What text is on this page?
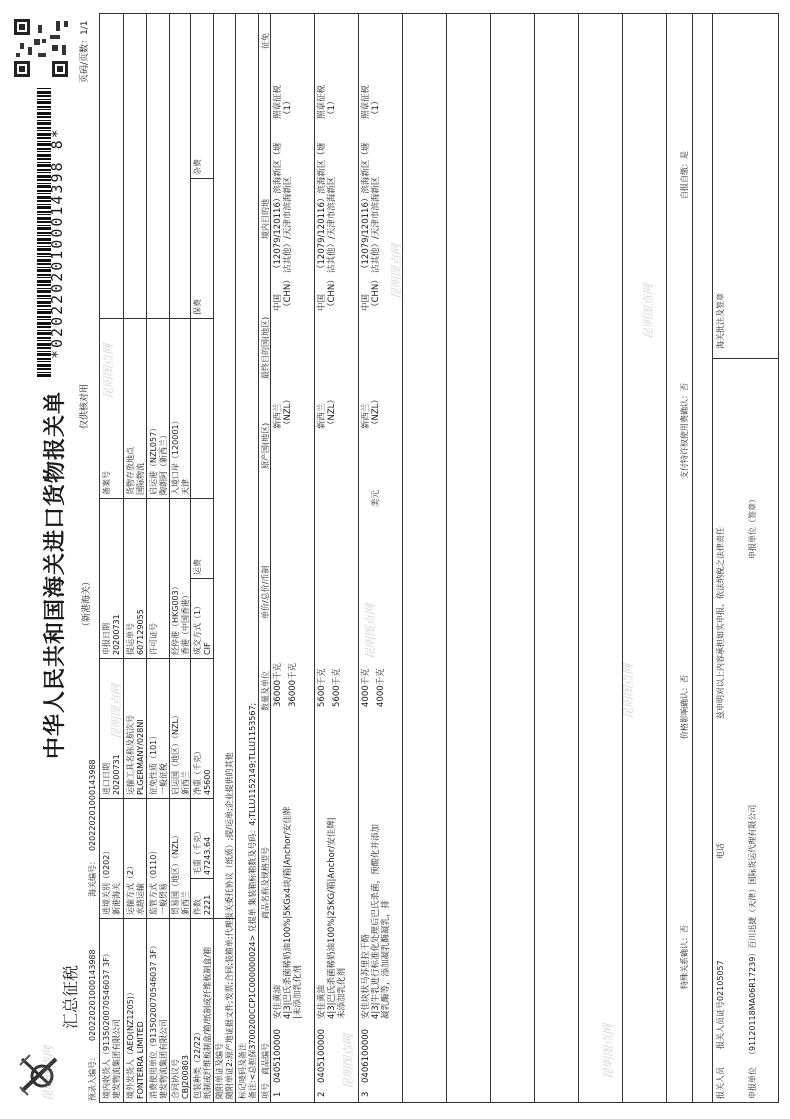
*02022020100014398 8*
中华人民共和国海关进口货物报关单 （新港海关）
仅供核对用
页码/页数：1/1
汇总征税
预录入编号：
020220201000143988
海关编号：
020220201000143988
境内收货人（9135020070546037 3F） 建发物流集团有限公司
进境关别（0202） 新港海关
进口日期 20200731
申报日期 20200731
备案号
境外发货人（AEO(NZ1205)） FONTERRA LIMITED
运输方式（2） 水路运输
运输工具名称及航次号 PLGERMANY/028NI
提运单号 607129055
货物存放地点 国际物流
消费使用单位（9135020070546037 3F） 建发物流集团有限公司
监管方式（0110） 一般贸易
征免性质（101） 一般征税
许可证号
启运港（NZL057） 陶朗阿（新西兰）
合同协议号 CBJ200803
贸易国（地区）（NZL） 新西兰
启运国（地区）（NZL） 新西兰
经停港（HKG003） 香港（中国香港）
入境口岸（120001） 天津
包装种类（22/22） 纸制或纤维板制盒/箱/纸制或纤维板制盒/箱
件数 2221
毛重（千克） 47243.64
净重（千克） 45600
成交方式（1） CIF
运费
保费
杂费
随附单证及编号 随附单证2:原产地证据文件;发票;合同;装箱单;代理报关委托协议（纸质）;提/运单;企业提供的其他 标记唛码及备注 备注:<总担保3700200CCP1C000000024> 兑提单 集装箱标箱数及号码：4;TLLU1152149;TLLU1153567; 项号
商品编号
商品名称及规格型号
数量及单位
单价/总价/币制
原产国(地区)
最终目的国(地区)
境内目的地
征免
1
0405100000
安佳黄油 4|3|巴氏杀菌稀奶油100%|5KGx4块/箱|Anchor/安佳牌 |未添加乳化剂
36000千克 36000千克
新西兰 （NZL）
中国 （CHN）
（12079/120116）滨海新区（塘 沽其他）/天津市滨海新区
照章征税 （1）
2
0405100000
安佳黄油 4|3|巴氏杀菌稀奶油100%|25KG/箱|Anchor/安佳牌| 未添加乳化剂
5600千克 5600千克
新西兰 （NZL）
中国 （CHN）
（12079/120116）滨海新区（塘 沽其他）/天津市滨海新区
照章征税 （1）
3
0406100000
安佳块状马苏里拉干酪 4|3|牛乳进行标准化处理后巴氏杀菌，预酸化并添加 凝乳酶等，添加凝乳酶凝乳，排
4000千克 4000千克
美元
新西兰 （NZL）
中国 （CHN）
（12079/120116）滨海新区（塘 沽其他）/天津市滨海新区
照章征税 （1）
特殊关系确认：否
价格影响确认：否
支付特许权使用费确认：否
自报自缴：是
报关人员
报关人员证号02105057
电话
兹申明对以上内容承担如实申报、依法纳税之法律责任
海关批注及签章
申报单位
（91120118MA06R17239）百川迅捷（天津）国际货运代理有限公司
申报单位（签章）
昆明图点网
昆明图点网
昆明图点网
昆明图点网
昆明图点网
昆明图点网
昆明图点网
昆明图点网
昆明图点网
